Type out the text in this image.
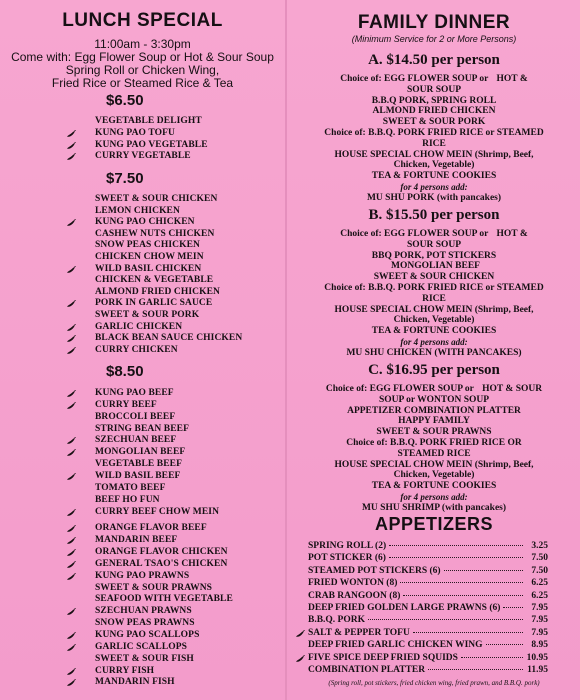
LUNCH SPECIAL
11:00am - 3:30pm
Come with: Egg Flower Soup or Hot & Sour Soup
Spring Roll or Chicken Wing,
Fried Rice or Steamed Rice & Tea
$6.50
VEGETABLE DELIGHT
KUNG PAO TOFU
KUNG PAO VEGETABLE
CURRY VEGETABLE
$7.50
SWEET & SOUR CHICKEN
LEMON CHICKEN
KUNG PAO CHICKEN
CASHEW NUTS CHICKEN
SNOW PEAS CHICKEN
CHICKEN CHOW MEIN
WILD BASIL CHICKEN
CHICKEN & VEGETABLE
ALMOND FRIED CHICKEN
PORK IN GARLIC SAUCE
SWEET & SOUR PORK
GARLIC CHICKEN
BLACK BEAN SAUCE CHICKEN
CURRY CHICKEN
$8.50
KUNG PAO BEEF
CURRY BEEF
BROCCOLI BEEF
STRING BEAN BEEF
SZECHUAN BEEF
MONGOLIAN BEEF
VEGETABLE BEEF
WILD BASIL BEEF
TOMATO BEEF
BEEF HO FUN
CURRY BEEF CHOW MEIN
ORANGE FLAVOR BEEF
MANDARIN BEEF
ORANGE FLAVOR CHICKEN
GENERAL TSAO'S CHICKEN
KUNG PAO PRAWNS
SWEET & SOUR PRAWNS
SEAFOOD WITH VEGETABLE
SZECHUAN PRAWNS
SNOW PEAS PRAWNS
KUNG PAO SCALLOPS
GARLIC SCALLOPS
SWEET & SOUR FISH
CURRY FISH
MANDARIN FISH
FAMILY DINNER
(Minimum Service for 2 or More Persons)
A. $14.50 per person
Choice of: EGG FLOWER SOUP or HOT &
SOUR SOUP
B.B.Q PORK, SPRING ROLL
ALMOND FRIED CHICKEN
SWEET & SOUR PORK
Choice of: B.B.Q. PORK FRIED RICE or STEAMED
RICE
HOUSE SPECIAL CHOW MEIN (Shrimp, Beef,
Chicken, Vegetable)
TEA & FORTUNE COOKIES
for 4 persons add:
MU SHU PORK (with pancakes)
B. $15.50 per person
Choice of: EGG FLOWER SOUP or HOT &
SOUR SOUP
BBQ PORK, POT STICKERS
MONGOLIAN BEEF
SWEET & SOUR CHICKEN
Choice of: B.B.Q. PORK FRIED RICE or STEAMED
RICE
HOUSE SPECIAL CHOW MEIN (Shrimp, Beef,
Chicken, Vegetable)
TEA & FORTUNE COOKIES
for 4 persons add:
MU SHU CHICKEN (WITH PANCAKES)
C. $16.95 per person
Choice of: EGG FLOWER SOUP or HOT & SOUR
SOUP or WONTON SOUP
APPETIZER COMBINATION PLATTER
HAPPY FAMILY
SWEET & SOUR PRAWNS
Choice of: B.B.Q. PORK FRIED RICE OR
STEAMED RICE
HOUSE SPECIAL CHOW MEIN (Shrimp, Beef,
Chicken, Vegetable)
TEA & FORTUNE COOKIES
for 4 persons add:
MU SHU SHRIMP (with pancakes)
APPETIZERS
SPRING ROLL (2)	3.25
POT STICKER (6)	7.50
STEAMED POT STICKERS (6)	7.50
FRIED WONTON (8)	6.25
CRAB RANGOON (8)	6.25
DEEP FRIED GOLDEN LARGE PRAWNS (6)	7.95
B.B.Q. PORK	7.95
SALT & PEPPER TOFU	7.95
DEEP FRIED GARLIC CHICKEN WING	8.95
FIVE SPICE DEEP FRIED SQUIDS	10.95
COMBINATION PLATTER	11.95
(Spring roll, pot stickers, fried chicken wing, fried prawn, and B.B.Q. pork)
